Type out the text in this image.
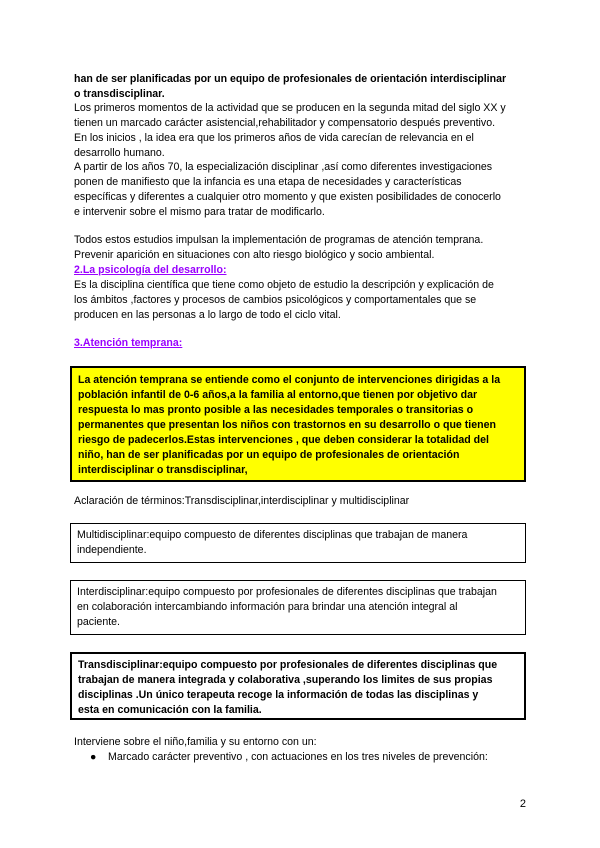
han de ser planificadas por un equipo de profesionales de orientación interdisciplinar
o transdisciplinar.

Los primeros momentos de la actividad que se producen en la segunda mitad del siglo XX y
tienen un marcado carácter asistencial,rehabilitador y compensatorio después preventivo.
En los inicios , la idea era que los primeros años de vida carecían de relevancia en el
desarrollo humano.

A partir de los años 70, la especialización disciplinar ,así como diferentes investigaciones
ponen de manifiesto que la infancia es una etapa de necesidades y características
específicas y diferentes a cualquier otro momento y que existen posibilidades de conocerlo
e intervenir sobre el mismo para tratar de modificarlo.

Todos estos estudios impulsan la implementación de programas de atención temprana.
Prevenir aparición en situaciones con alto riesgo biológico y socio ambiental.

2.La psicología del desarrollo:
Es la disciplina científica que tiene como objeto de estudio la descripción y explicación de
los ámbitos ,factores y procesos de cambios psicológicos y comportamentales que se
producen en las personas a lo largo de todo el ciclo vital.

3.Atención temprana:

La atención temprana se entiende como el conjunto de intervenciones dirigidas a la
población infantil de 0-6 años,a la familia al entorno,que tienen por objetivo dar
respuesta lo mas pronto posible a las necesidades temporales o transitorias o
permanentes que presentan los niños con trastornos en su desarrollo o que tienen
riesgo de padecerlos.Estas intervenciones , que deben considerar la totalidad del
niño, han de ser planificadas por un equipo de profesionales de orientación
interdisciplinar o transdisciplinar,

Aclaración de términos:Transdisciplinar,interdisciplinar y multidisciplinar

Multidisciplinar:equipo compuesto de diferentes disciplinas que trabajan de manera
independiente.
Interdisciplinar:equipo compuesto por profesionales de diferentes disciplinas que trabajan
en colaboración intercambiando información para brindar una atención integral al
paciente.
Transdisciplinar:equipo compuesto por profesionales de diferentes disciplinas que
trabajan de manera integrada y colaborativa ,superando los limites de sus propias
disciplinas .Un único terapeuta recoge la información de todas las disciplinas y
esta en comunicación con la familia.

Interviene sobre el niño,familia y su entorno con un:

● Marcado carácter preventivo , con actuaciones en los tres niveles de prevención:
2
